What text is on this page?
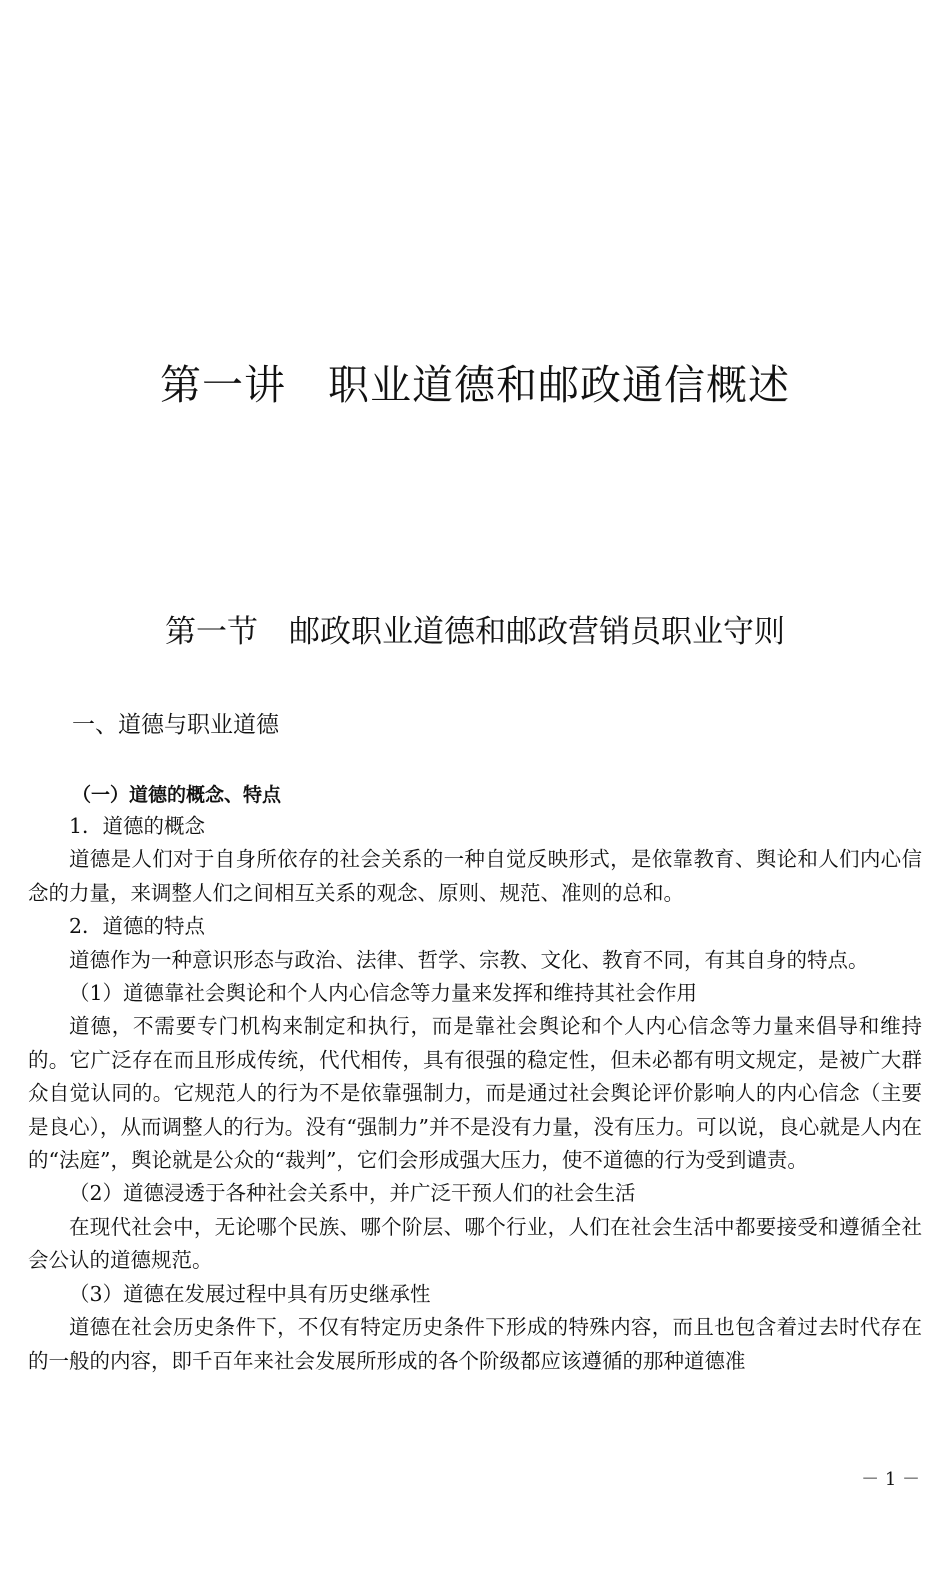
第一讲　职业道德和邮政通信概述
第一节　邮政职业道德和邮政营销员职业守则
一、道德与职业道德
（一）道德的概念、特点

1．道德的概念

道德是人们对于自身所依存的社会关系的一种自觉反映形式，是依靠教育、舆论和人们内心信念的力量，来调整人们之间相互关系的观念、原则、规范、准则的总和。

2．道德的特点

道德作为一种意识形态与政治、法律、哲学、宗教、文化、教育不同，有其自身的特点。

（1）道德靠社会舆论和个人内心信念等力量来发挥和维持其社会作用

道德，不需要专门机构来制定和执行，而是靠社会舆论和个人内心信念等力量来倡导和维持的。它广泛存在而且形成传统，代代相传，具有很强的稳定性，但未必都有明文规定，是被广大群众自觉认同的。它规范人的行为不是依靠强制力，而是通过社会舆论评价影响人的内心信念（主要是良心），从而调整人的行为。没有“强制力”并不是没有力量，没有压力。可以说，良心就是人内在的“法庭”，舆论就是公众的“裁判”，它们会形成强大压力，使不道德的行为受到谴责。

（2）道德浸透于各种社会关系中，并广泛干预人们的社会生活

在现代社会中，无论哪个民族、哪个阶层、哪个行业，人们在社会生活中都要接受和遵循全社会公认的道德规范。

（3）道德在发展过程中具有历史继承性

道德在社会历史条件下，不仅有特定历史条件下形成的特殊内容，而且也包含着过去时代存在的一般的内容，即千百年来社会发展所形成的各个阶级都应该遵循的那种道德准

－ 1 －
